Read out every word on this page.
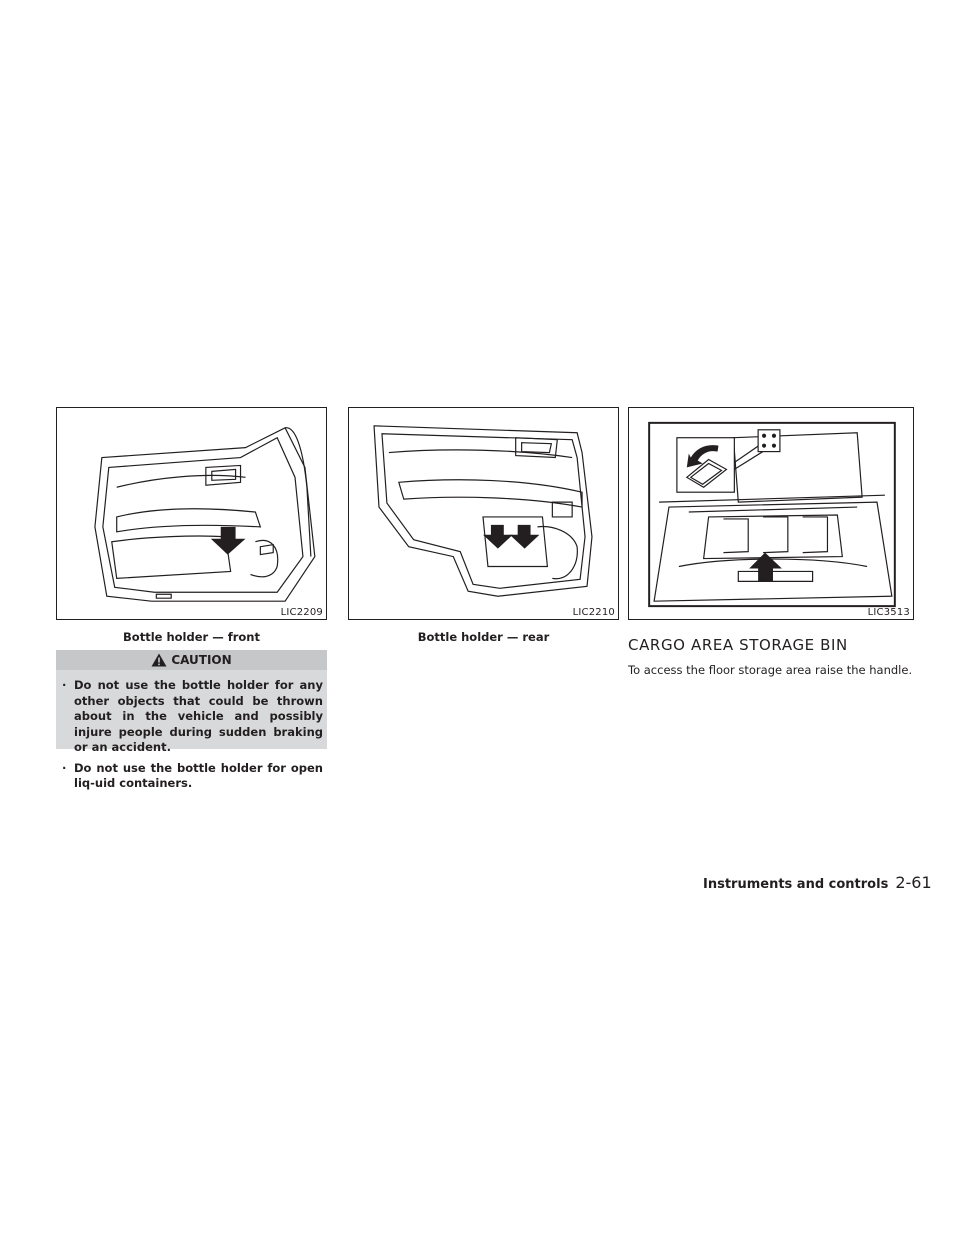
LIC2209
Bottle holder — front
LIC2210
Bottle holder — rear
LIC3513
CAUTION
· Do not use the bottle holder for any other objects that could be thrown about in the vehicle and possibly injure people during sudden braking or an accident.
· Do not use the bottle holder for open liq-uid containers.
CARGO AREA STORAGE BIN
To access the floor storage area raise the handle.
Instruments and controls 2-61
